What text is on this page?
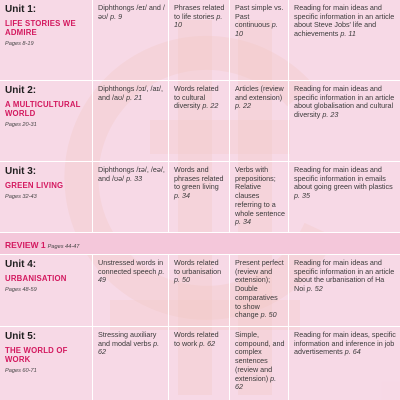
Unit 1:
LIFE STORIES WE ADMIRE
Pages 8-19
Diphthongs /eɪ/ and /əʊ/ p. 9
Phrases related to life stories p. 10
Past simple vs. Past continuous p. 10
Reading for main ideas and specific information in an article about Steve Jobs' life and achievements p. 11
Unit 2:
A MULTICULTURAL WORLD
Pages 20-31
Diphthongs /ɔɪ/, /aɪ/, and /aʊ/ p. 21
Words related to cultural diversity p. 22
Articles (review and extension) p. 22
Reading for main ideas and specific information in an article about globalisation and cultural diversity p. 23
Unit 3:
GREEN LIVING
Pages 32-43
Diphthongs /ɪə/, /eə/, and /ʊə/ p. 33
Words and phrases related to green living p. 34
Verbs with prepositions; Relative clauses referring to a whole sentence p. 34
Reading for main ideas and specific information in emails about going green with plastics p. 35
REVIEW 1 Pages 44-47
Unit 4:
URBANISATION
Pages 48-59
Unstressed words in connected speech p. 49
Words related to urbanisation p. 50
Present perfect (review and extension); Double comparatives to show change p. 50
Reading for main ideas and specific information in an article about the urbanisation of Ha Noi p. 52
Unit 5:
THE WORLD OF WORK
Pages 60-71
Stressing auxiliary and modal verbs p. 62
Words related to work p. 62
Simple, compound, and complex sentences (review and extension) p. 62
Reading for main ideas, specific information and inference in job advertisements p. 64
